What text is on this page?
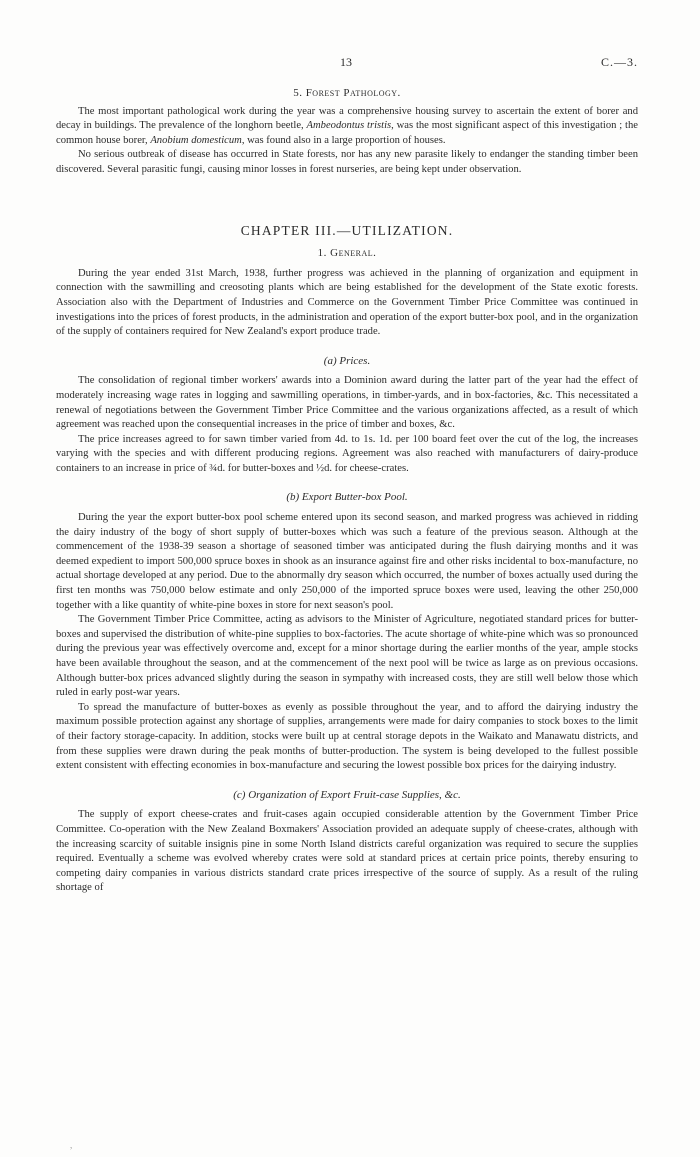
13	C.—3.
5. Forest Pathology.

The most important pathological work during the year was a comprehensive housing survey to ascertain the extent of borer and decay in buildings. The prevalence of the longhorn beetle, Ambeodontus tristis, was the most significant aspect of this investigation ; the common house borer, Anobium domesticum, was found also in a large proportion of houses.

No serious outbreak of disease has occurred in State forests, nor has any new parasite likely to endanger the standing timber been discovered. Several parasitic fungi, causing minor losses in forest nurseries, are being kept under observation.

CHAPTER III.—UTILIZATION.
1. General.

During the year ended 31st March, 1938, further progress was achieved in the planning of organization and equipment in connection with the sawmilling and creosoting plants which are being established for the development of the State exotic forests. Association also with the Department of Industries and Commerce on the Government Timber Price Committee was continued in investigations into the prices of forest products, in the administration and operation of the export butter-box pool, and in the organization of the supply of containers required for New Zealand's export produce trade.

(a) Prices.

The consolidation of regional timber workers' awards into a Dominion award during the latter part of the year had the effect of moderately increasing wage rates in logging and sawmilling operations, in timber-yards, and in box-factories, &c. This necessitated a renewal of negotiations between the Government Timber Price Committee and the various organizations affected, as a result of which agreement was reached upon the consequential increases in the price of timber and boxes, &c.

The price increases agreed to for sawn timber varied from 4d. to 1s. 1d. per 100 board feet over the cut of the log, the increases varying with the species and with different producing regions. Agreement was also reached with manufacturers of dairy-produce containers to an increase in price of ¾d. for butter-boxes and ½d. for cheese-crates.

(b) Export Butter-box Pool.

During the year the export butter-box pool scheme entered upon its second season, and marked progress was achieved in ridding the dairy industry of the bogy of short supply of butter-boxes which was such a feature of the previous season. Although at the commencement of the 1938-39 season a shortage of seasoned timber was anticipated during the flush dairying months and it was deemed expedient to import 500,000 spruce boxes in shook as an insurance against fire and other risks incidental to box-manufacture, no actual shortage developed at any period. Due to the abnormally dry season which occurred, the number of boxes actually used during the first ten months was 750,000 below estimate and only 250,000 of the imported spruce boxes were used, leaving the other 250,000 together with a like quantity of white-pine boxes in store for next season's pool.

The Government Timber Price Committee, acting as advisors to the Minister of Agriculture, negotiated standard prices for butter-boxes and supervised the distribution of white-pine supplies to box-factories. The acute shortage of white-pine which was so pronounced during the previous year was effectively overcome and, except for a minor shortage during the earlier months of the year, ample stocks have been available throughout the season, and at the commencement of the next pool will be twice as large as on previous occasions. Although butter-box prices advanced slightly during the season in sympathy with increased costs, they are still well below those which ruled in early post-war years.

To spread the manufacture of butter-boxes as evenly as possible throughout the year, and to afford the dairying industry the maximum possible protection against any shortage of supplies, arrangements were made for dairy companies to stock boxes to the limit of their factory storage-capacity. In addition, stocks were built up at central storage depots in the Waikato and Manawatu districts, and from these supplies were drawn during the peak months of butter-production. The system is being developed to the fullest possible extent consistent with effecting economies in box-manufacture and securing the lowest possible box prices for the dairying industry.

(c) Organization of Export Fruit-case Supplies, &c.

The supply of export cheese-crates and fruit-cases again occupied considerable attention by the Government Timber Price Committee. Co-operation with the New Zealand Boxmakers' Association provided an adequate supply of cheese-crates, although with the increasing scarcity of suitable insignis pine in some North Island districts careful organization was required to secure the supplies required. Eventually a scheme was evolved whereby crates were sold at standard prices at certain price points, thereby ensuring to competing dairy companies in various districts standard crate prices irrespective of the source of supply. As a result of the ruling shortage of

,
